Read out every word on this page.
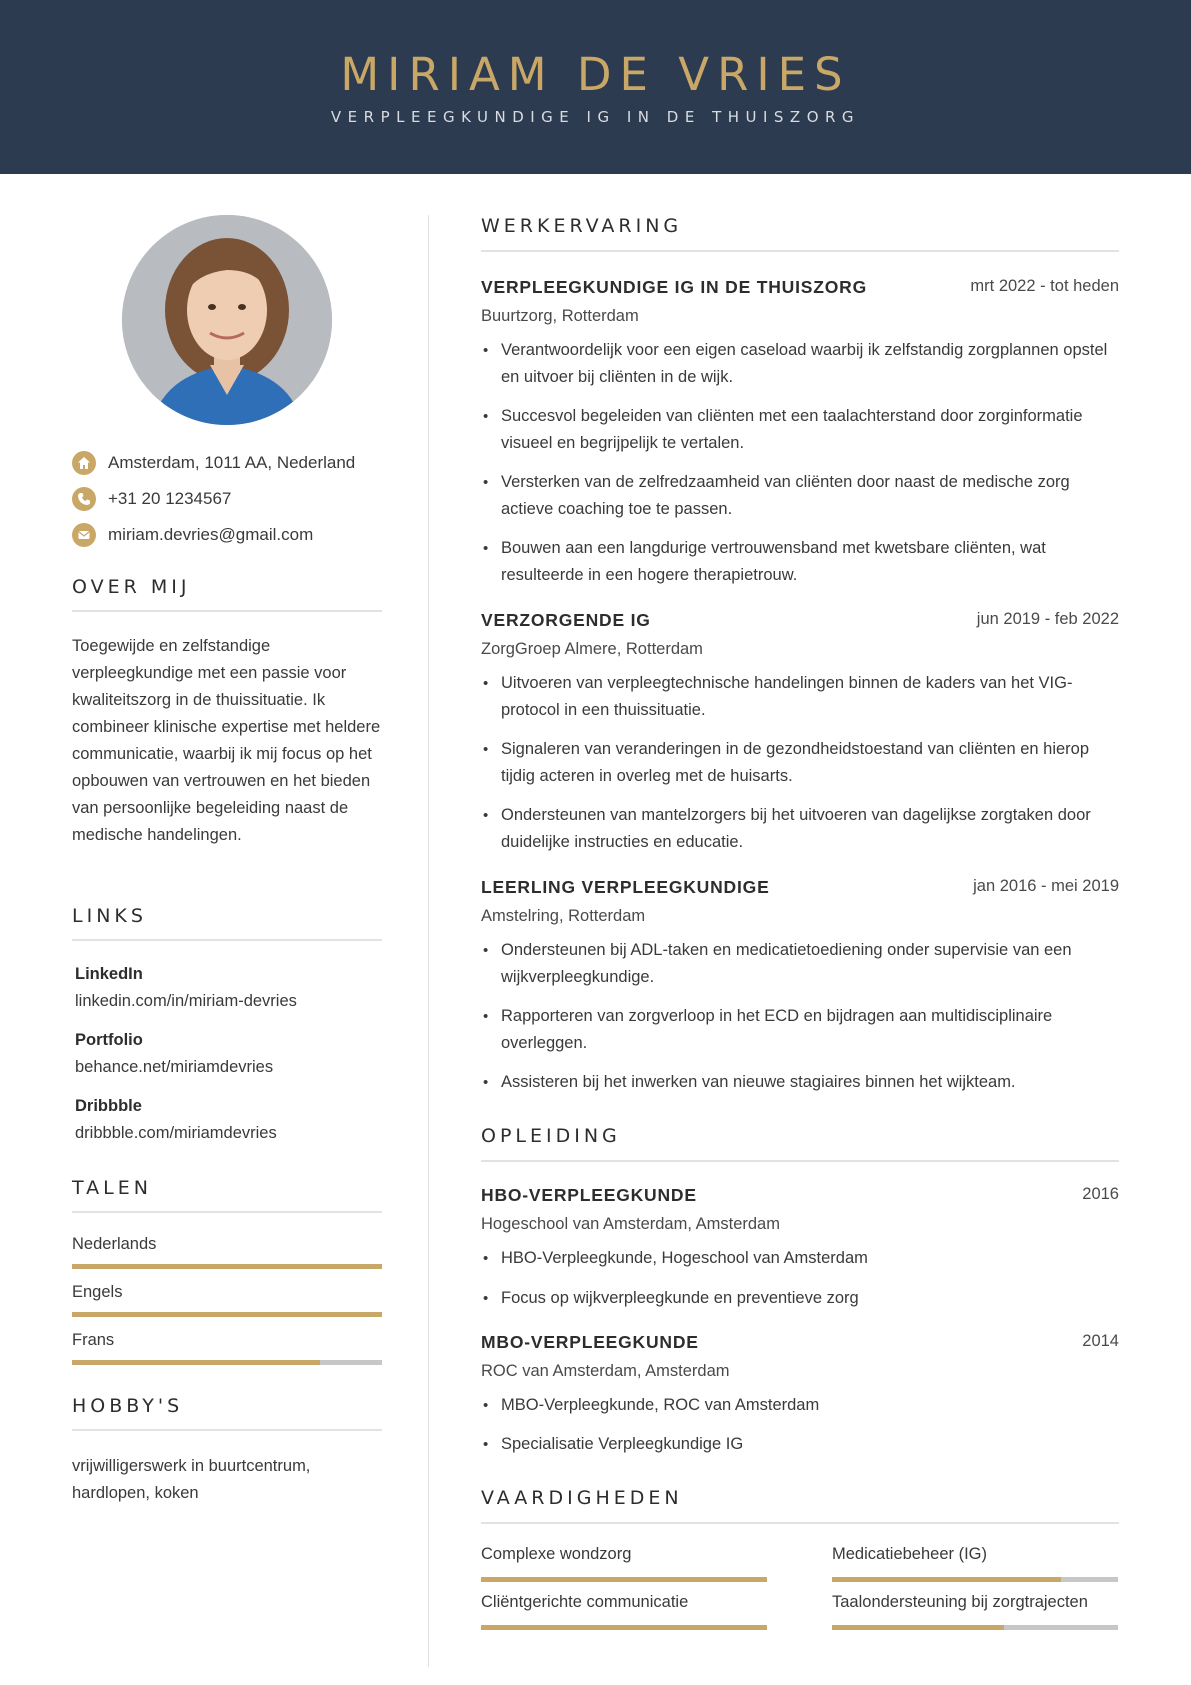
MIRIAM DE VRIES
VERPLEEGKUNDIGE IG IN DE THUISZORG
Amsterdam, 1011 AA, Nederland
+31 20 1234567
miriam.devries@gmail.com
OVER MIJ
Toegewijde en zelfstandige verpleegkundige met een passie voor kwaliteitszorg in de thuissituatie. Ik combineer klinische expertise met heldere communicatie, waarbij ik mij focus op het opbouwen van vertrouwen en het bieden van persoonlijke begeleiding naast de medische handelingen.
LINKS
LinkedIn
linkedin.com/in/miriam-devries
Portfolio
behance.net/miriamdevries
Dribbble
dribbble.com/miriamdevries
TALEN
Nederlands
Engels
Frans
HOBBY'S
vrijwilligerswerk in buurtcentrum, hardlopen, koken
WERKERVARING
VERPLEEGKUNDIGE IG IN DE THUISZORG	mrt 2022 - tot heden
Buurtzorg, Rotterdam
• Verantwoordelijk voor een eigen caseload waarbij ik zelfstandig zorgplannen opstel en uitvoer bij cliënten in de wijk.
• Succesvol begeleiden van cliënten met een taalachterstand door zorginformatie visueel en begrijpelijk te vertalen.
• Versterken van de zelfredzaamheid van cliënten door naast de medische zorg actieve coaching toe te passen.
• Bouwen aan een langdurige vertrouwensband met kwetsbare cliënten, wat resulteerde in een hogere therapietrouw.
VERZORGENDE IG	jun 2019 - feb 2022
ZorgGroep Almere, Rotterdam
• Uitvoeren van verpleegtechnische handelingen binnen de kaders van het VIG-protocol in een thuissituatie.
• Signaleren van veranderingen in de gezondheidstoestand van cliënten en hierop tijdig acteren in overleg met de huisarts.
• Ondersteunen van mantelzorgers bij het uitvoeren van dagelijkse zorgtaken door duidelijke instructies en educatie.
LEERLING VERPLEEGKUNDIGE	jan 2016 - mei 2019
Amstelring, Rotterdam
• Ondersteunen bij ADL-taken en medicatietoediening onder supervisie van een wijkverpleegkundige.
• Rapporteren van zorgverloop in het ECD en bijdragen aan multidisciplinaire overleggen.
• Assisteren bij het inwerken van nieuwe stagiaires binnen het wijkteam.
OPLEIDING
HBO-VERPLEEGKUNDE	2016
Hogeschool van Amsterdam, Amsterdam
• HBO-Verpleegkunde, Hogeschool van Amsterdam
• Focus op wijkverpleegkunde en preventieve zorg
MBO-VERPLEEGKUNDE	2014
ROC van Amsterdam, Amsterdam
• MBO-Verpleegkunde, ROC van Amsterdam
• Specialisatie Verpleegkundige IG
VAARDIGHEDEN
Complexe wondzorg	Medicatiebeheer (IG)
Cliëntgerichte communicatie	Taalondersteuning bij zorgtrajecten
